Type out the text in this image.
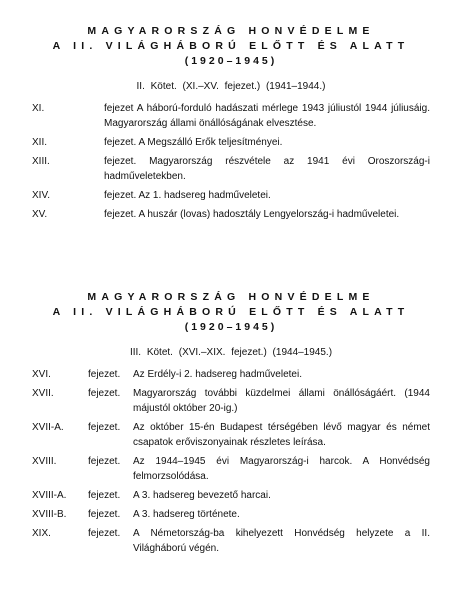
MAGYARORSZÁG HONVÉDELME
A II. VILÁGHÁBORÚ ELŐTT ÉS ALATT
(1920–1945)
II. Kötet. (XI.–XV. fejezet.) (1941–1944.)
XI.	fejezet A háború-forduló hadászati mérlege 1943 júliustól 1944 júliusáig. Magyarország állami önállóságának elvesztése.
XII.	fejezet. A Megszálló Erők teljesítményei.
XIII.	fejezet. Magyarország részvétele az 1941 évi Oroszország-i hadműveletekben.
XIV.	fejezet. Az 1. hadsereg hadműveletei.
XV.	fejezet. A huszár (lovas) hadosztály Lengyelország-i hadműveletei.
MAGYARORSZÁG HONVÉDELME
A II. VILÁGHÁBORÚ ELŐTT ÉS ALATT
(1920–1945)
III. Kötet. (XVI.–XIX. fejezet.) (1944–1945.)
XVI.	fejezet. Az Erdély-i 2. hadsereg hadműveletei.
XVII.	fejezet. Magyarország további küzdelmei állami önállóságáért. (1944 májustól október 20-ig.)
XVII-A.	fejezet. Az október 15-én Budapest térségében lévő magyar és német csapatok erőviszonyainak részletes leírása.
XVIII.	fejezet. Az 1944–1945 évi Magyarország-i harcok. A Honvédség felmorzsolódása.
XVIII-A.	fejezet. A 3. hadsereg bevezető harcai.
XVIII-B.	fejezet. A 3. hadsereg története.
XIX.	fejezet. A Németország-ba kihelyezett Honvédség helyzete a II. Világháború végén.
